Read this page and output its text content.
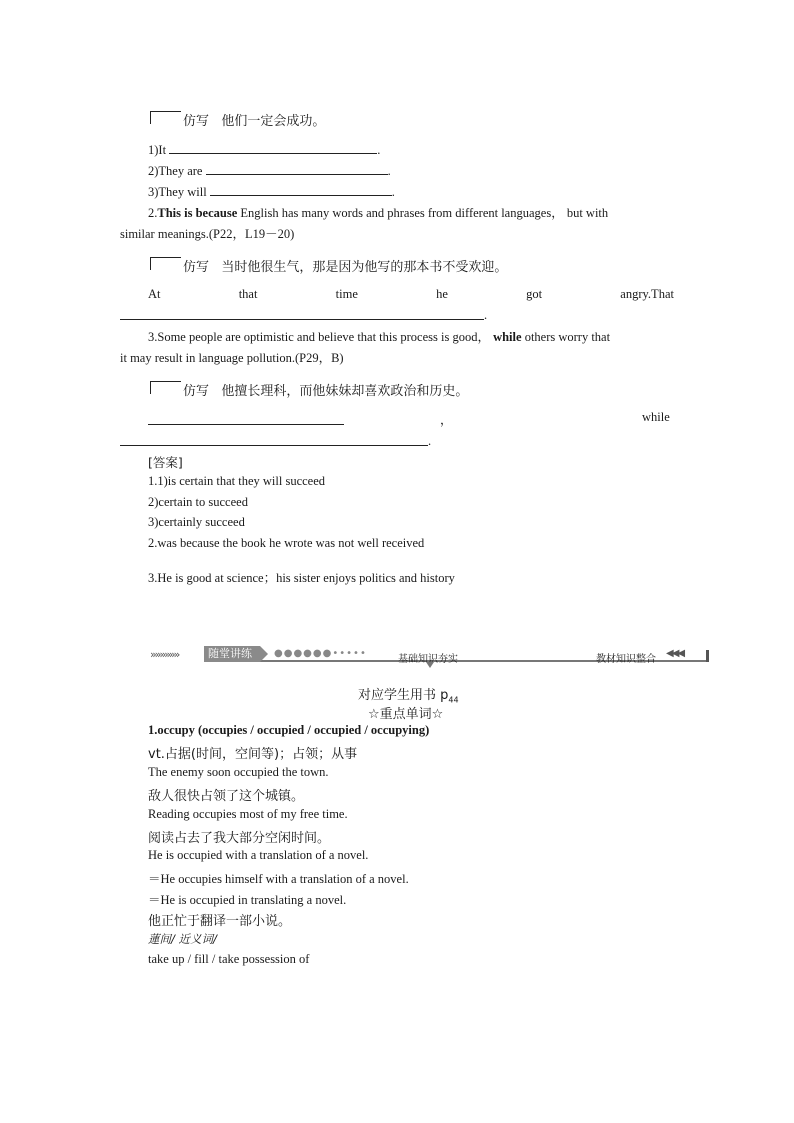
仿写 他们一定会成功。
1)It	.
2)They are	.
3)They will	.
2.This is because English has many words and phrases from different languages， but with
similar meanings.(P22，L19－20)
仿写 当时他很生气，那是因为他写的那本书不受欢迎。
At	that	time	he	got	angry.That
.
3.Some people are optimistic and believe that this process is good， while others worry that
it may result in language pollution.(P29，B)
仿写 他擅长理科，而他妹妹却喜欢政治和历史。
，	while
.
[答案]
1.1)is certain that they will succeed
2)certain to succeed
3)certainly succeed
2.was because the book he wrote was not well received
3.He is good at science；his sister enjoys politics and history
»»»»»»	随堂讲练	●●●●●●•••••
基础知识夯实	教材知识整合
◀◀◀
对应学生用书 $p_{44}$
☆重点单词☆
1.occupy (occupies / occupied / occupied / occupying)
vt.占据(时间，空间等)；占领；从事
The enemy soon occupied the town.
敌人很快占领了这个城镇。
Reading occupies most of my free time.
阅读占去了我大部分空闲时间。
He is occupied with a translation of a novel.
＝He occupies himself with a translation of a novel.
＝He is occupied in translating a novel.
他正忙于翻译一部小说。
蓮间/ 近义词/
take up / fill / take possession of
